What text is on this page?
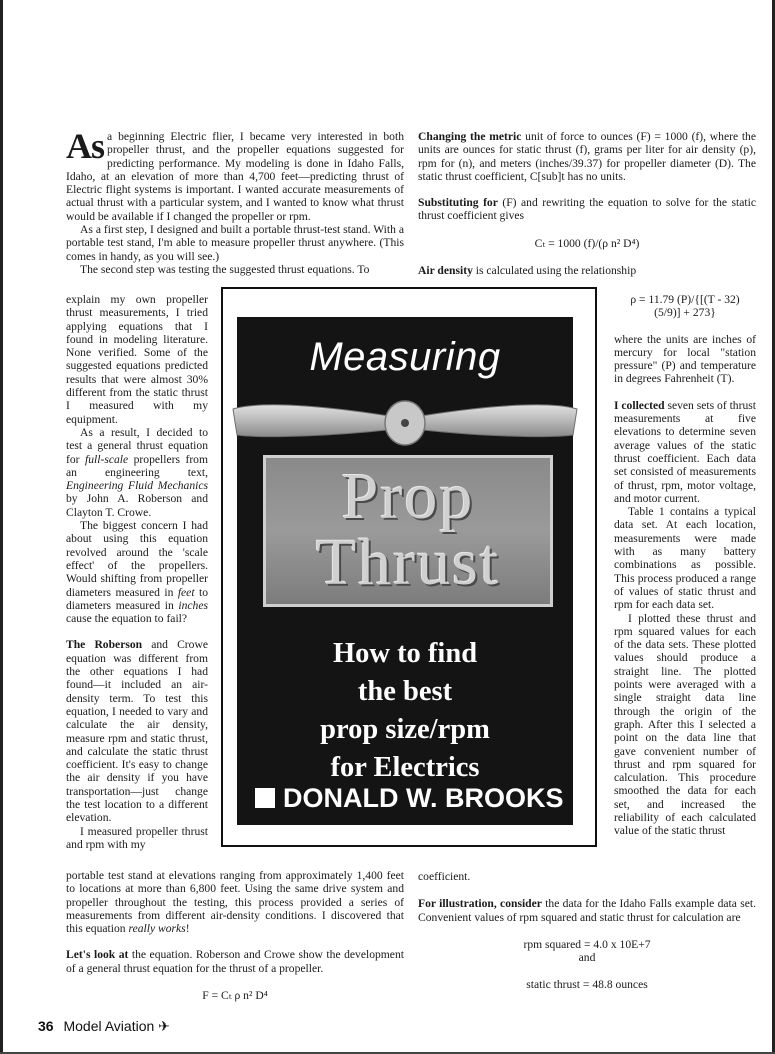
As a beginning Electric flier, I became very interested in both propeller thrust, and the propeller equations suggested for predicting performance. My modeling is done in Idaho Falls, Idaho, at an elevation of more than 4,700 feet—predicting thrust of Electric flight systems is important. I wanted accurate measurements of actual thrust with a particular system, and I wanted to know what thrust would be available if I changed the propeller or rpm.

As a first step, I designed and built a portable thrust-test stand. With a portable test stand, I'm able to measure propeller thrust anywhere. (This comes in handy, as you will see.)

The second step was testing the suggested thrust equations. To

explain my own propeller thrust measurements, I tried applying equations that I found in modeling literature. None verified. Some of the suggested equations predicted results that were almost 30% different from the static thrust I measured with my equipment.

As a result, I decided to test a general thrust equation for full-scale propellers from an engineering text, Engineering Fluid Mechanics by John A. Roberson and Clayton T. Crowe.

The biggest concern I had about using this equation revolved around the 'scale effect' of the propellers. Would shifting from propeller diameters measured in feet to diameters measured in inches cause the equation to fail?

The Roberson and Crowe equation was different from the other equations I had found—it included an air-density term. To test this equation, I needed to vary and calculate the air density, measure rpm and static thrust, and calculate the static thrust coefficient. It's easy to change the air density if you have transportation—just change the test location to a different elevation.

I measured propeller thrust and rpm with my

portable test stand at elevations ranging from approximately 1,400 feet to locations at more than 6,800 feet. Using the same drive system and propeller throughout the testing, this process provided a series of measurements from different air-density conditions. I discovered that this equation really works!

Let's look at the equation. Roberson and Crowe show the development of a general thrust equation for the thrust of a propeller.

F = Cₜ ρ n² D⁴

Changing the metric unit of force to ounces (F) = 1000 (f), where the units are ounces for static thrust (f), grams per liter for air density (p), rpm for (n), and meters (inches/39.37) for propeller diameter (D). The static thrust coefficient, C[sub]t has no units.

Substituting for (F) and rewriting the equation to solve for the static thrust coefficient gives

Cₜ = 1000 (f)/(ρ n² D⁴)

Air density is calculated using the relationship

ρ = 11.79 (P)/{[(T - 32)
(5/9)] + 273}

where the units are inches of mercury for local "station pressure" (P) and temperature in degrees Fahrenheit (T).

I collected seven sets of thrust measurements at five elevations to determine seven average values of the static thrust coefficient. Each data set consisted of measurements of thrust, rpm, motor voltage, and motor current.

Table 1 contains a typical data set. At each location, measurements were made with as many battery combinations as possible. This process produced a range of values of static thrust and rpm for each data set.

I plotted these thrust and rpm squared values for each of the data sets. These plotted values should produce a straight line. The plotted points were averaged with a single straight data line through the origin of the graph. After this I selected a point on the data line that gave convenient number of thrust and rpm squared for calculation. This procedure smoothed the data for each set, and increased the reliability of each calculated value of the static thrust

coefficient.

For illustration, consider the data for the Idaho Falls example data set. Convenient values of rpm squared and static thrust for calculation are

rpm squared = 4.0 x 10E+7

and

static thrust = 48.8 ounces

Measuring
Prop
Thrust
How to find
the best
prop size/rpm
for Electrics
DONALD W. BROOKS
36 Model Aviation ✈
